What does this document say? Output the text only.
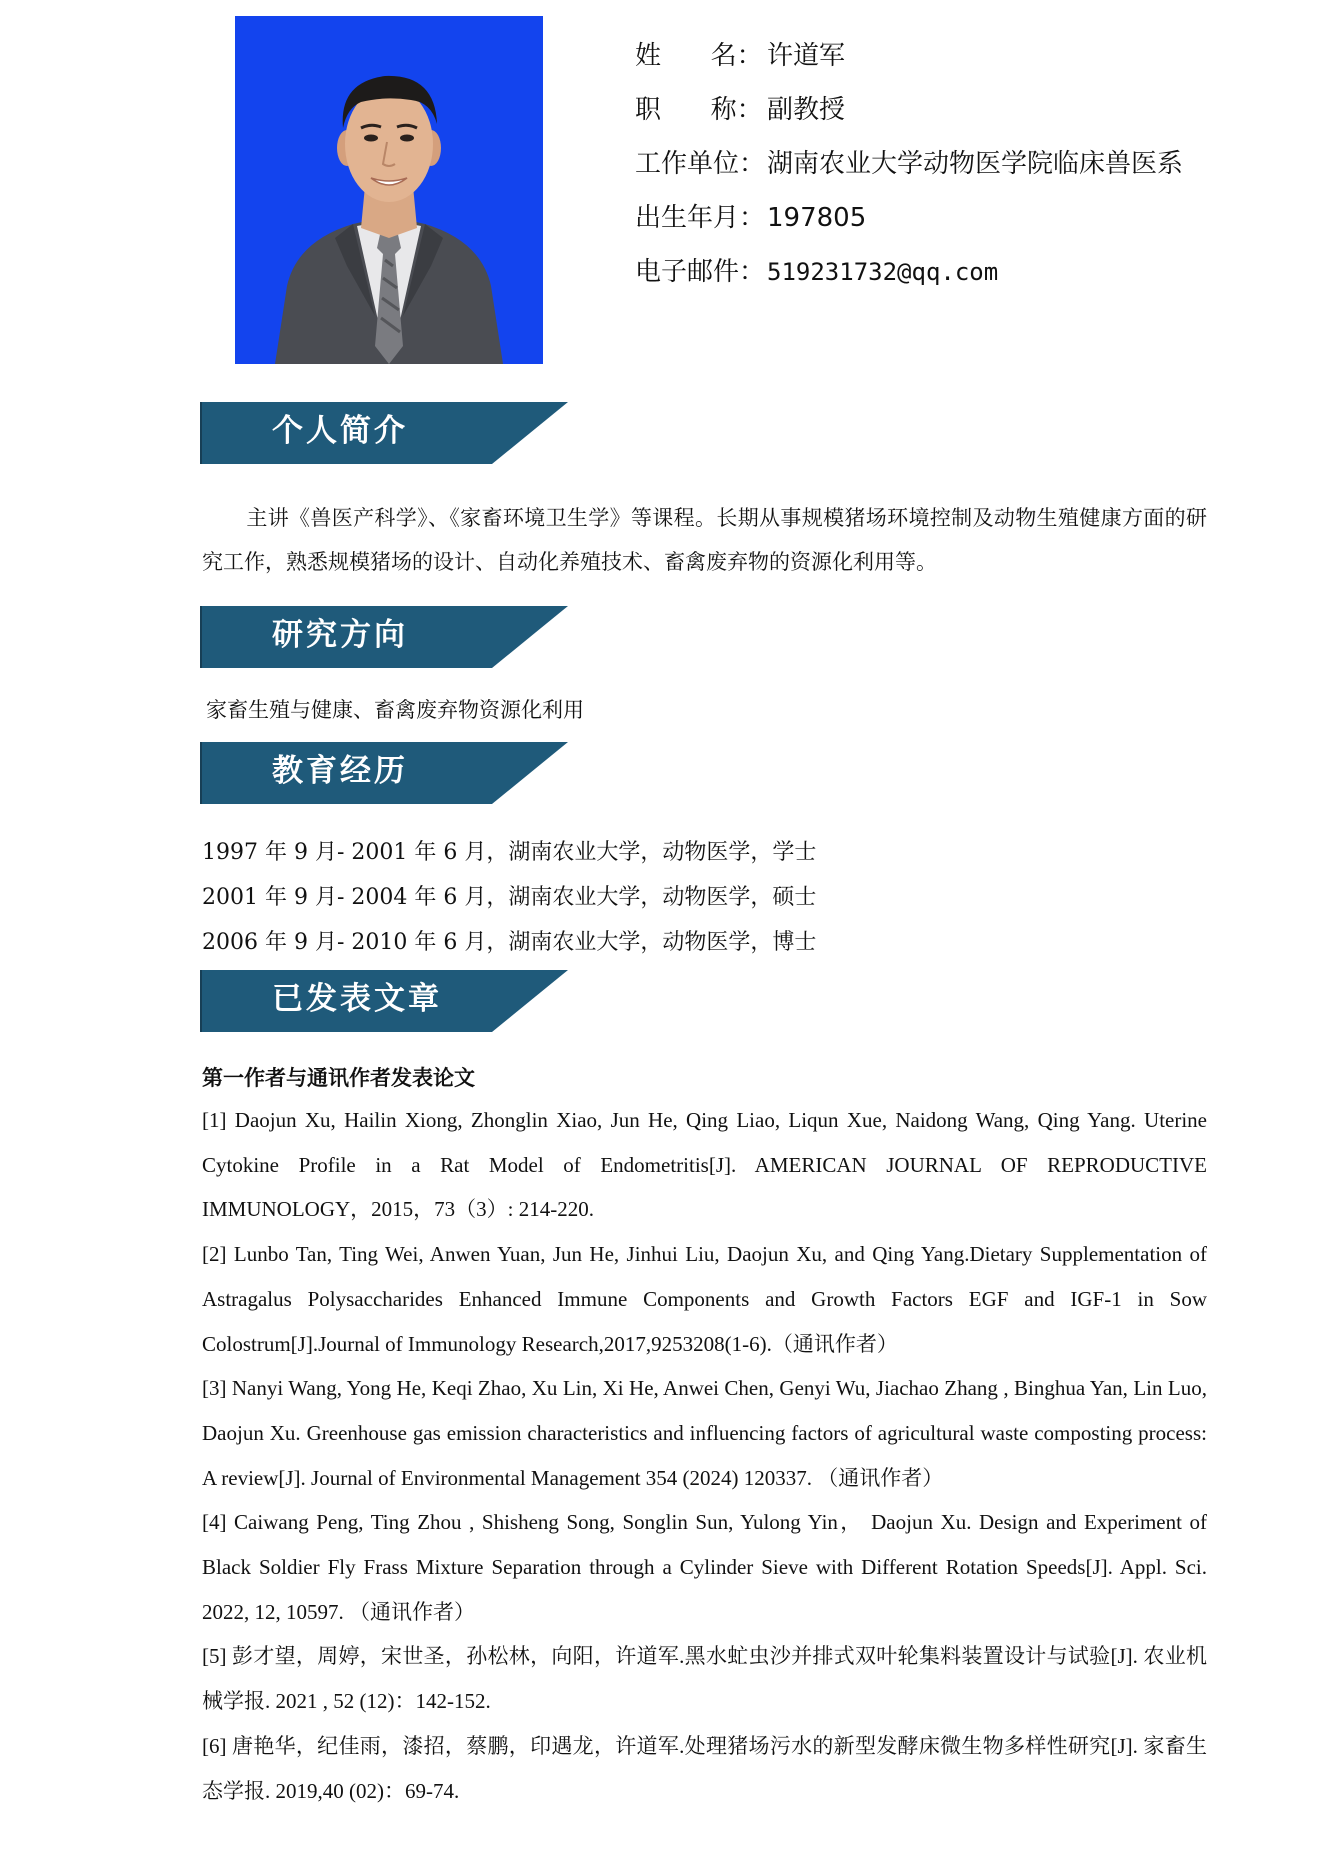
姓      名： 许道军
职      称： 副教授
工作单位：湖南农业大学动物医学院临床兽医系
出生年月：197805
电子邮件：519231732@qq.com
个人简介
主讲《兽医产科学》、《家畜环境卫生学》等课程。长期从事规模猪场环境控制及动物生殖健康方面的研究工作，熟悉规模猪场的设计、自动化养殖技术、畜禽废弃物的资源化利用等。
研究方向
家畜生殖与健康、畜禽废弃物资源化利用
教育经历
1997 年 9 月- 2001 年 6 月，湖南农业大学，动物医学，学士
2001 年 9 月- 2004 年 6 月，湖南农业大学，动物医学，硕士
2006 年 9 月- 2010 年 6 月，湖南农业大学，动物医学，博士
已发表文章
第一作者与通讯作者发表论文
[1] Daojun Xu, Hailin Xiong, Zhonglin Xiao, Jun He, Qing Liao, Liqun Xue, Naidong Wang, Qing Yang. Uterine Cytokine Profile in a Rat Model of Endometritis[J]. AMERICAN JOURNAL OF REPRODUCTIVE IMMUNOLOGY，2015，73（3）: 214-220.
[2] Lunbo Tan, Ting Wei, Anwen Yuan, Jun He, Jinhui Liu, Daojun Xu, and Qing Yang.Dietary Supplementation of Astragalus Polysaccharides Enhanced Immune Components and Growth Factors EGF and IGF-1 in Sow Colostrum[J].Journal of Immunology Research,2017,9253208(1-6).（通讯作者）
[3] Nanyi Wang, Yong He, Keqi Zhao, Xu Lin, Xi He, Anwei Chen, Genyi Wu, Jiachao Zhang , Binghua Yan, Lin Luo, Daojun Xu. Greenhouse gas emission characteristics and influencing factors of agricultural waste composting process: A review[J]. Journal of Environmental Management 354 (2024) 120337. （通讯作者）
[4] Caiwang Peng, Ting Zhou , Shisheng Song, Songlin Sun, Yulong Yin， Daojun Xu. Design and Experiment of Black Soldier Fly Frass Mixture Separation through a Cylinder Sieve with Different Rotation Speeds[J]. Appl. Sci. 2022, 12, 10597. （通讯作者）
[5] 彭才望，周婷，宋世圣，孙松林，向阳，许道军.黑水虻虫沙并排式双叶轮集料装置设计与试验[J]. 农业机械学报. 2021 , 52 (12)：142-152.
[6] 唐艳华，纪佳雨，漆招，蔡鹏，印遇龙，许道军.处理猪场污水的新型发酵床微生物多样性研究[J]. 家畜生态学报. 2019,40 (02)：69-74.
